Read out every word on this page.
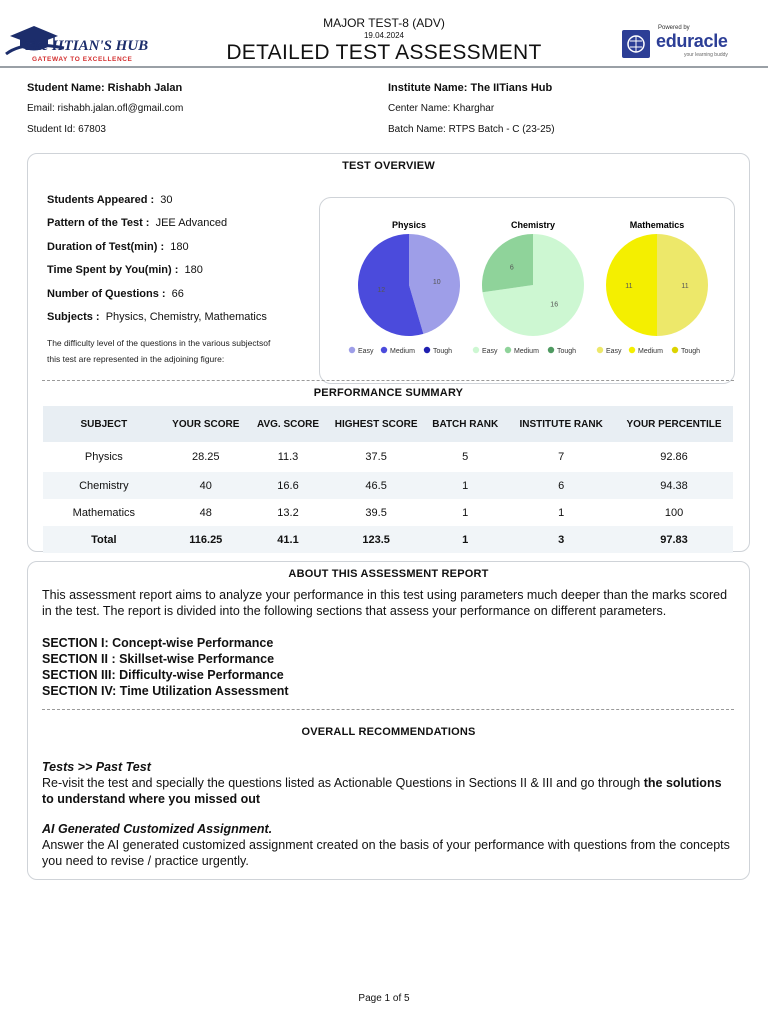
The IITIAN'S HUB
GATEWAY TO EXCELLENCE
MAJOR TEST-8 (ADV)
19.04.2024
DETAILED TEST ASSESSMENT
Powered by
eduracle
your learning buddy
Student Name: Rishabh Jalan
Email: rishabh.jalan.ofl@gmail.com
Student Id: 67803
Institute Name: The IITians Hub
Center Name: Kharghar
Batch Name: RTPS Batch - C (23-25)
TEST OVERVIEW
Students Appeared :  30
Pattern of the Test :  JEE Advanced
Duration of Test(min) :  180
Time Spent by You(min) :  180
Number of Questions :  66
Subjects :  Physics, Chemistry, Mathematics
The difficulty level of the questions in the various subjectsof
this test are represented in the adjoining figure:
Physics
10
12
Easy Medium	Tough
Chemistry
16
6
Easy Medium	Tough
Mathematics
11
11
Easy Medium	Tough
PERFORMANCE SUMMARY
SUBJECT	YOUR SCORE	AVG. SCORE	HIGHEST SCORE	BATCH RANK	INSTITUTE RANK	YOUR PERCENTILE
Physics	28.25	11.3	37.5	5	7	92.86
Chemistry	40	16.6	46.5	1	6	94.38
Mathematics	48	13.2	39.5	1	1	100
Total	116.25	41.1	123.5	1	3	97.83
ABOUT THIS ASSESSMENT REPORT
This assessment report aims to analyze your performance in this test using parameters much deeper than the marks scored in the test. The report is divided into the following sections that assess your performance on different parameters.
SECTION I: Concept-wise Performance
SECTION II : Skillset-wise Performance
SECTION III: Difficulty-wise Performance
SECTION IV: Time Utilization Assessment
OVERALL RECOMMENDATIONS
Tests >> Past Test
Re-visit the test and specially the questions listed as Actionable Questions in Sections II & III and go through the solutions to understand where you missed out
AI Generated Customized Assignment.
Answer the AI generated customized assignment created on the basis of your performance with questions from the concepts you need to revise / practice urgently.
Page 1 of 5
